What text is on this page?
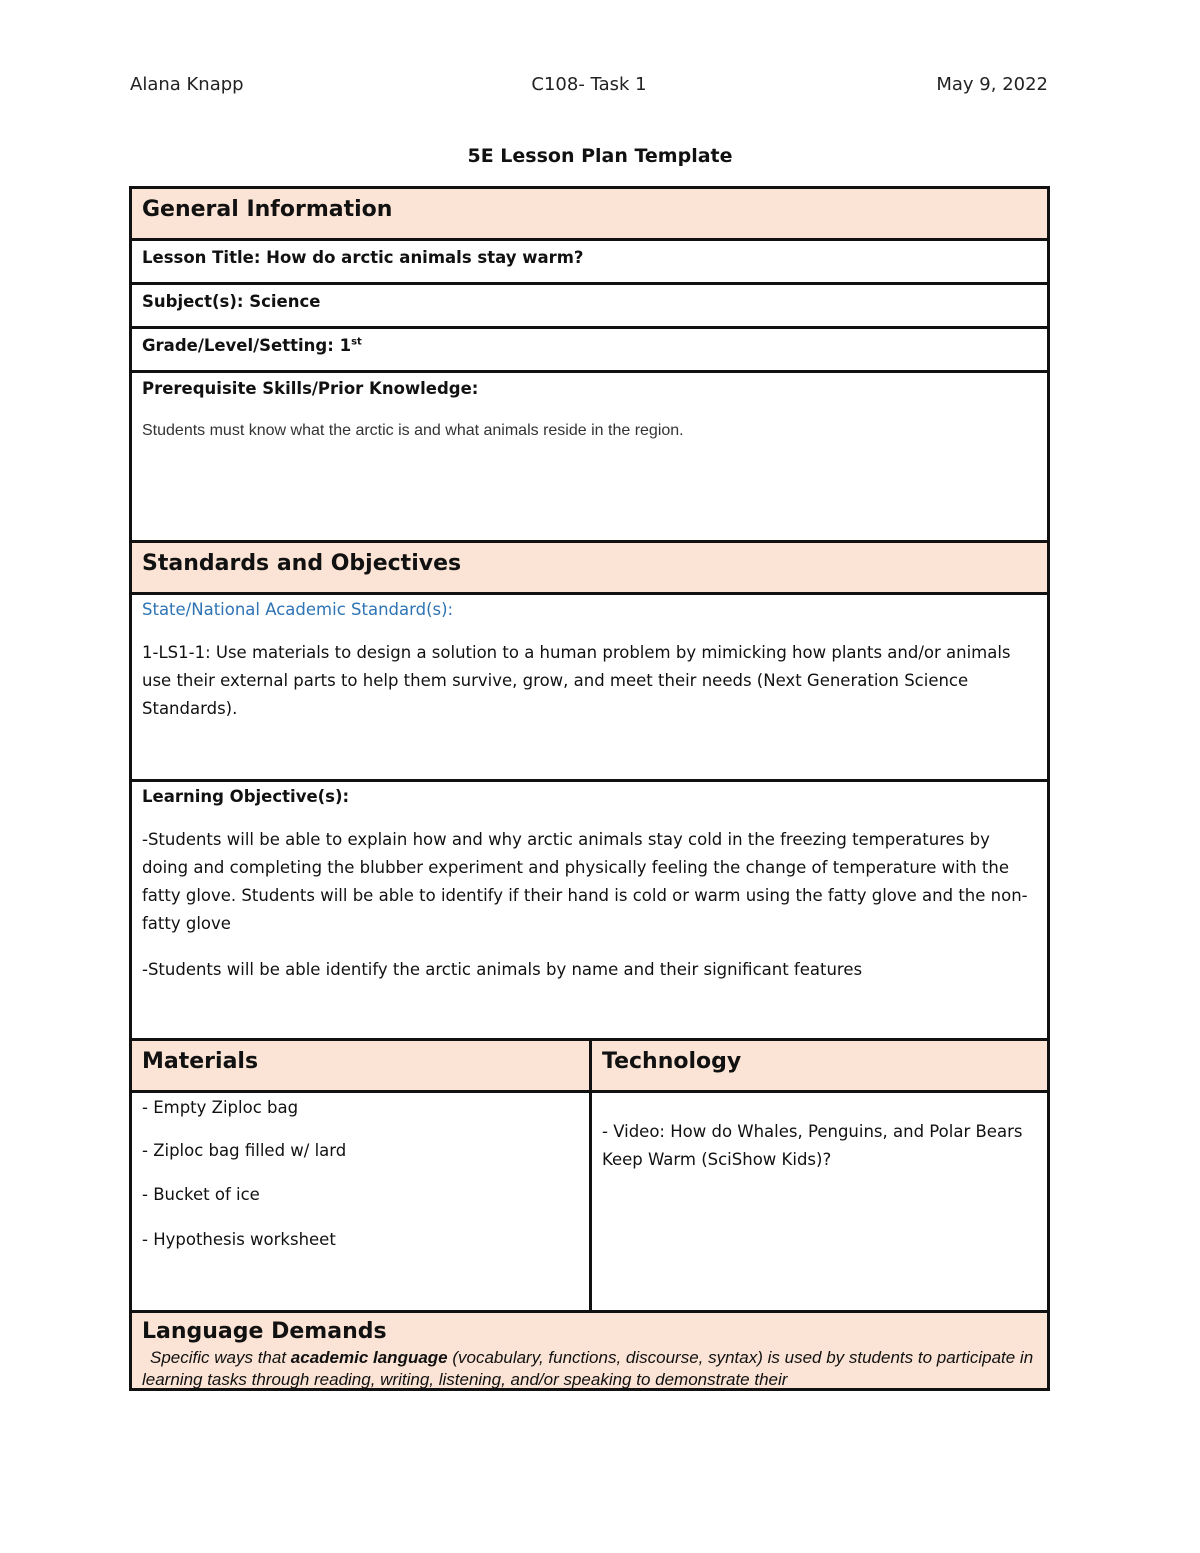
Alana Knapp	C108- Task 1	May 9, 2022
5E Lesson Plan Template
General Information
Lesson Title: How do arctic animals stay warm?
Subject(s): Science
Grade/Level/Setting: 1st
Prerequisite Skills/Prior Knowledge:
Students must know what the arctic is and what animals reside in the region.
Standards and Objectives
State/National Academic Standard(s):
1-LS1-1: Use materials to design a solution to a human problem by mimicking how plants and/or animals use their external parts to help them survive, grow, and meet their needs (Next Generation Science Standards).
Learning Objective(s):
-Students will be able to explain how and why arctic animals stay cold in the freezing temperatures by doing and completing the blubber experiment and physically feeling the change of temperature with the fatty glove. Students will be able to identify if their hand is cold or warm using the fatty glove and the non-fatty glove
-Students will be able identify the arctic animals by name and their significant features
Materials	Technology
- Empty Ziploc bag
- Ziploc bag filled w/ lard
- Bucket of ice
- Hypothesis worksheet
- Video: How do Whales, Penguins, and Polar Bears Keep Warm (SciShow Kids)?
Language Demands
Specific ways that academic language (vocabulary, functions, discourse, syntax) is used by students to participate in learning tasks through reading, writing, listening, and/or speaking to demonstrate their
